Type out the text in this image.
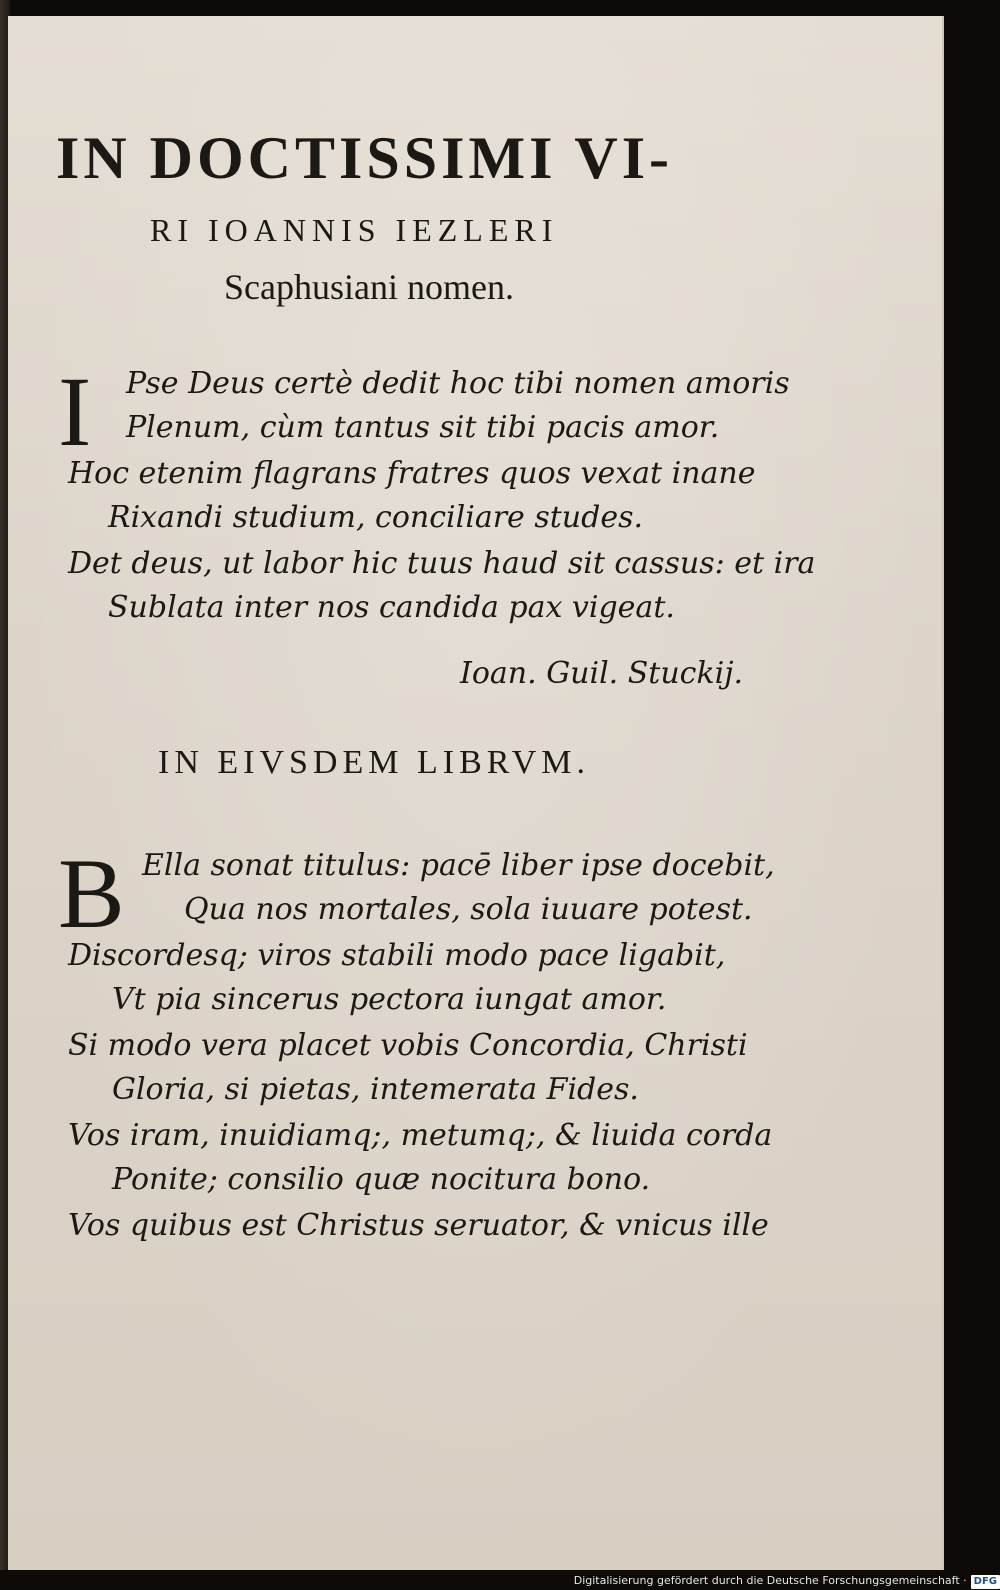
IN DOCTISSIMI VI-
RI IOANNIS IEZLERI
Scaphusiani nomen.
I Pse Deus certè dedit hoc tibi nomen amoris
Plenum, cùm tantus sit tibi pacis amor.
Hoc etenim flagrans fratres quos vexat inane
Rixandi studium, conciliare studes.
Det deus, ut labor hic tuus haud sit cassus: et ira
Sublata inter nos candida pax vigeat.
Ioan. Guil. Stuckij.
IN EIVSDEM LIBRVM.
B Ella sonat titulus: pacē liber ipse docebit,
Qua nos mortales, sola iuuare potest.
Discordesq; viros stabili modo pace ligabit,
Vt pia sincerus pectora iungat amor.
Si modo vera placet vobis Concordia, Christi
Gloria, si pietas, intemerata Fides.
Vos iram, inuidiamq;, metumq;, & liuida corda
Ponite; consilio quæ nocitura bono.
Vos quibus est Christus seruator, & vnicus ille
Digitalisierung gefördert durch die Deutsche Forschungsgemeinschaft · DFG
